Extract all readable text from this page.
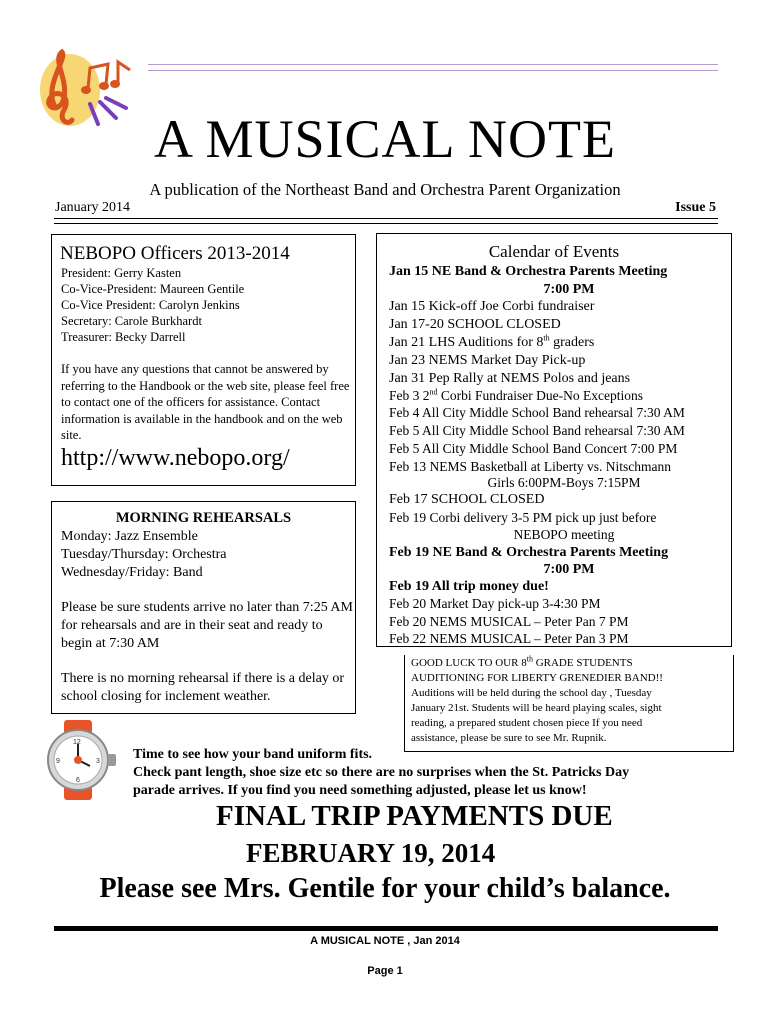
A MUSICAL NOTE
A publication of the Northeast Band and Orchestra Parent Organization
January 2014	Issue 5
NEBOPO Officers 2013-2014
President: Gerry Kasten
Co-Vice-President: Maureen Gentile
Co-Vice President: Carolyn Jenkins
Secretary: Carole Burkhardt
Treasurer: Becky Darrell
If you have any questions that cannot be answered by referring to the Handbook or the web site, please feel free to contact one of the officers for assistance. Contact information is available in the handbook and on the web site.
http://www.nebopo.org/
MORNING REHEARSALS
Monday: Jazz Ensemble
Tuesday/Thursday: Orchestra
Wednesday/Friday: Band
Please be sure students arrive no later than 7:25 AM for rehearsals and are in their seat and ready to begin at 7:30 AM
There is no morning rehearsal if there is a delay or school closing for inclement weather.
Calendar of Events
Jan 15 NE Band & Orchestra Parents Meeting
7:00 PM
Jan 15 Kick-off Joe Corbi fundraiser
Jan 17-20 SCHOOL CLOSED
Jan 21 LHS Auditions for 8th graders
Jan 23 NEMS Market Day Pick-up
Jan 31 Pep Rally at NEMS Polos and jeans
Feb 3 2nd Corbi Fundraiser Due-No Exceptions
Feb 4 All City Middle School Band rehearsal 7:30 AM
Feb 5 All City Middle School Band rehearsal 7:30 AM
Feb 5 All City Middle School Band Concert 7:00 PM
Feb 13 NEMS Basketball at Liberty vs. Nitschmann
Girls 6:00PM-Boys 7:15PM
Feb 17 SCHOOL CLOSED
Feb 19 Corbi delivery 3-5 PM pick up just before
NEBOPO meeting
Feb 19 NE Band & Orchestra Parents Meeting
7:00 PM
Feb 19 All trip money due!
Feb 20 Market Day pick-up 3-4:30 PM
Feb 20 NEMS MUSICAL – Peter Pan 7 PM
Feb 22 NEMS MUSICAL – Peter Pan 3 PM
GOOD LUCK TO OUR 8th GRADE STUDENTS
AUDITIONING FOR LIBERTY GRENEDIER BAND!!
Auditions will be held during the school day , Tuesday
January 21st. Students will be heard playing scales, sight
reading, a prepared student chosen piece If you need
assistance, please be sure to see Mr. Rupnik.
12
3
6
9	Time to see how your band uniform fits.
Check pant length, shoe size etc so there are no surprises when the St. Patricks Day
parade arrives. If you find you need something adjusted, please let us know!
FINAL TRIP PAYMENTS DUE
FEBRUARY 19, 2014
Please see Mrs. Gentile for your child’s balance.
A MUSICAL NOTE , Jan 2014
Page 1
